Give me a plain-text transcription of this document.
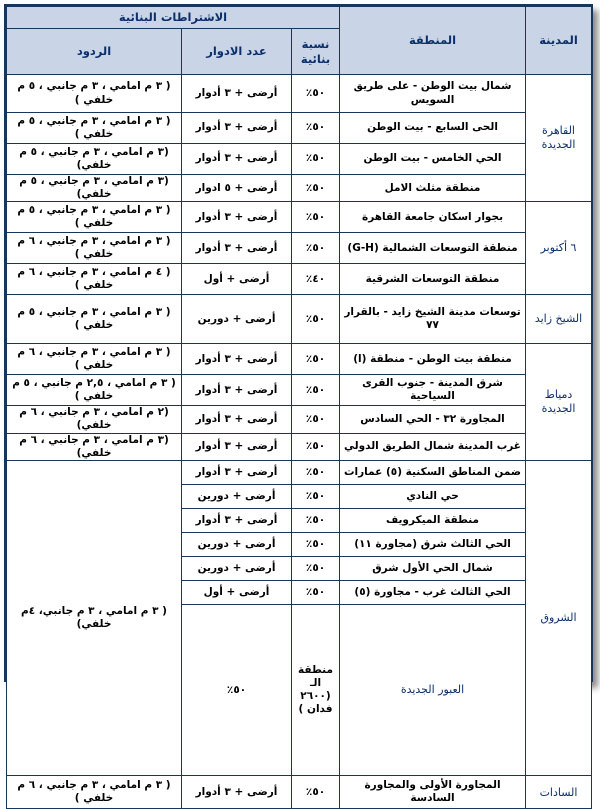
المدينة	المنطقة	الاشتراطات البنائية			
		نسبة بنائية	عدد الادوار	الردود	
القاهرة الجديدة	شمال بيت الوطن - على طريق السويس	٥٠٪	أرضى + ٣ أدوار	( ٣ م امامي ، ٣ م جانبي ، ٥ م خلفي )	
	الحى السابع - بيت الوطن	٥٠٪	أرضى + ٣ أدوار	( ٣ م امامي ، ٣ م جانبي ، ٥ م خلفي )	
	الحي الخامس - بيت الوطن	٥٠٪	أرضى + ٣ أدوار	(٣ م امامي ، ٣ م جانبي ، ٥ م خلفي)	
	منطقة مثلث الامل	٥٠٪	أرضى + ٥ ادوار	(٣ م امامي ، ٣ م جانبي ، ٥ م خلفي)	
٦ أكتوبر	بجوار اسكان جامعة القاهرة	٥٠٪	أرضى + ٣ أدوار	( ٣ م امامي ، ٣ م جانبي ، ٥ م خلفي )	
	منطقة التوسعات الشمالية (G-H)	٥٠٪	أرضى + ٣ أدوار	( ٣ م امامي ، ٣ م جانبي ، ٦ م خلفي )	
	منطقة التوسعات الشرقية	٤٠٪	أرضى + أول	( ٤ م امامي ، ٣ م جانبي ، ٦ م خلفي )	
الشيخ زايد	توسعات مدينة الشيخ زايد - بالقرار ٧٧	٥٠٪	أرضى + دورين	( ٣ م امامي ، ٣ م جانبي ، ٥ م خلفي )	
دمياط الجديدة	منطقة بيت الوطن - منطقة (ا)	٥٠٪	أرضى + ٣ أدوار	( ٣ م امامي ، ٣ م جانبي ، ٦ م خلفي )	
	شرق المدينة - جنوب القرى السياحية	٥٠٪	أرضى + ٣ أدوار	( ٣ م امامي ، ٢,٥ م جانبي ، ٥ م خلفي )	
	المجاورة ٣٢ - الحي السادس	٥٠٪	أرضى + ٣ أدوار	(٢ م امامي ، ٣ م جانبي ، ٦ م خلفي)	
	غرب المدينة شمال الطريق الدولي	٥٠٪	أرضى + ٣ أدوار	(٣ م امامي ، ٣ م جانبي ، ٦ م خلفي)	
الشروق	ضمن المناطق السكنية (٥) عمارات	٥٠٪	أرضى + ٣ أدوار	( ٣ م امامي ، ٣ م جانبي، ٤م خلفي)	
	حي النادي	٥٠٪	أرضى + دورين		
	منطقة الميكرويف	٥٠٪	أرضى + ٣ أدوار		
	الحي الثالث شرق (مجاورة ١١)	٥٠٪	أرضى + دورين		
	شمال الحي الأول شرق	٥٠٪	أرضى + دورين		
	الحي الثالث غرب - مجاورة (٥)	٥٠٪	أرضى + أول		
	العبور الجديدة	منطقة الـ (٢٦٠٠ فدان )	٥٠٪		
السادات	المجاورة الأولى والمجاورة السادسة	٥٠٪	أرضى + ٣ أدوار	( ٣ م امامي ، ٣ م جانبي ، ٦ م خلفي )	
